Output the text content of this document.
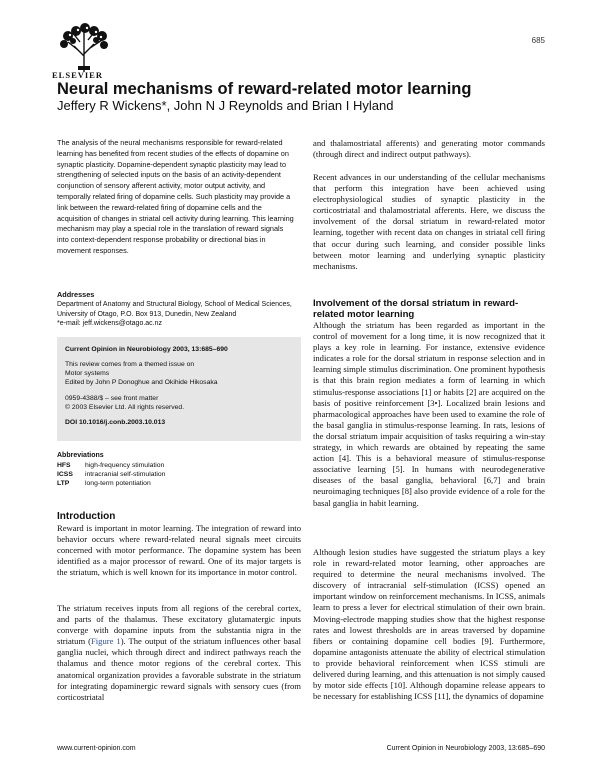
ELSEVIER
685
Neural mechanisms of reward-related motor learning
Jeffery R Wickens*, John N J Reynolds and Brian I Hyland
The analysis of the neural mechanisms responsible for reward-related learning has benefited from recent studies of the effects of dopamine on synaptic plasticity. Dopamine-dependent synaptic plasticity may lead to strengthening of selected inputs on the basis of an activity-dependent conjunction of sensory afferent activity, motor output activity, and temporally related firing of dopamine cells. Such plasticity may provide a link between the reward-related firing of dopamine cells and the acquisition of changes in striatal cell activity during learning. This learning mechanism may play a special role in the translation of reward signals into context-dependent response probability or directional bias in movement responses.
Addresses
Department of Anatomy and Structural Biology, School of Medical Sciences, University of Otago, P.O. Box 913, Dunedin, New Zealand
*e-mail: jeff.wickens@otago.ac.nz
Current Opinion in Neurobiology 2003, 13:685–690
This review comes from a themed issue on
Motor systems
Edited by John P Donoghue and Okihide Hikosaka
0959-4388/$ – see front matter
© 2003 Elsevier Ltd. All rights reserved.
DOI 10.1016/j.conb.2003.10.013
Abbreviations
HFS high-frequency stimulation
ICSS intracranial self-stimulation
LTP long-term potentiation
Introduction
Reward is important in motor learning. The integration of reward into behavior occurs where reward-related neural signals meet circuits concerned with motor performance. The dopamine system has been identified as a major processor of reward. One of its major targets is the striatum, which is well known for its importance in motor control.
The striatum receives inputs from all regions of the cerebral cortex, and parts of the thalamus. These excitatory glutamatergic inputs converge with dopamine inputs from the substantia nigra in the striatum (Figure 1). The output of the striatum influences other basal ganglia nuclei, which through direct and indirect pathways reach the thalamus and thence motor regions of the cerebral cortex. This anatomical organization provides a favorable substrate in the striatum for integrating dopaminergic reward signals with sensory cues (from corticostriatal
and thalamostriatal afferents) and generating motor commands (through direct and indirect output pathways).
Recent advances in our understanding of the cellular mechanisms that perform this integration have been achieved using electrophysiological studies of synaptic plasticity in the corticostriatal and thalamostriatal afferents. Here, we discuss the involvement of the dorsal striatum in reward-related motor learning, together with recent data on changes in striatal cell firing that occur during such learning, and consider possible links between motor learning and underlying synaptic plasticity mechanisms.
Involvement of the dorsal striatum in reward-related motor learning
Although the striatum has been regarded as important in the control of movement for a long time, it is now recognized that it plays a key role in learning. For instance, extensive evidence indicates a role for the dorsal striatum in response selection and in learning simple stimulus discrimination. One prominent hypothesis is that this brain region mediates a form of learning in which stimulus-response associations [1] or habits [2] are acquired on the basis of positive reinforcement [3•]. Localized brain lesions and pharmacological approaches have been used to examine the role of the basal ganglia in stimulus-response learning. In rats, lesions of the dorsal striatum impair acquisition of tasks requiring a win-stay strategy, in which rewards are obtained by repeating the same action [4]. This is a behavioral measure of stimulus-response associative learning [5]. In humans with neurodegenerative diseases of the basal ganglia, behavioral [6,7] and brain neuroimaging techniques [8] also provide evidence of a role for the basal ganglia in habit learning.
Although lesion studies have suggested the striatum plays a key role in reward-related motor learning, other approaches are required to determine the neural mechanisms involved. The discovery of intracranial self-stimulation (ICSS) opened an important window on reinforcement mechanisms. In ICSS, animals learn to press a lever for electrical stimulation of their own brain. Moving-electrode mapping studies show that the highest response rates and lowest thresholds are in areas traversed by dopamine fibers or containing dopamine cell bodies [9]. Furthermore, dopamine antagonists attenuate the ability of electrical stimulation to provide behavioral reinforcement when ICSS stimuli are delivered during learning, and this attenuation is not simply caused by motor side effects [10]. Although dopamine release appears to be necessary for establishing ICSS [11], the dynamics of dopamine
www.current-opinion.com	Current Opinion in Neurobiology 2003, 13:685–690
